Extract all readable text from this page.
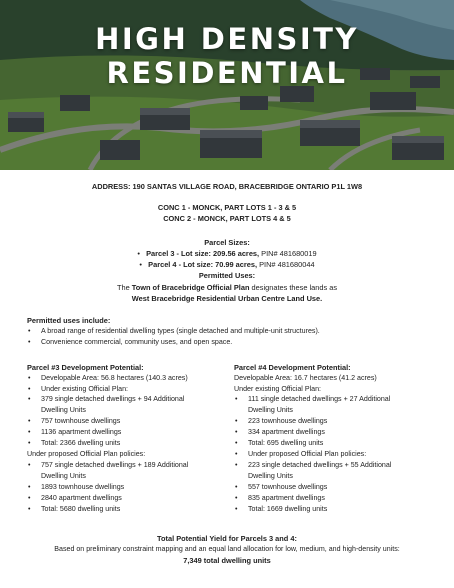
HIGH DENSITY
RESIDENTIAL
ADDRESS: 190 SANTAS VILLAGE ROAD, BRACEBRIDGE ONTARIO P1L 1W8
CONC 1 - MONCK, PART LOTS 1 - 3 & 5
CONC 2 - MONCK, PART LOTS 4 & 5
Parcel Sizes:
•   Parcel 3 - Lot size: 209.56 acres, PIN# 481680019
•   Parcel 4 - Lot size: 70.99 acres, PIN# 481680044
Permitted Uses:
The Town of Bracebridge Official Plan designates these lands as
West Bracebridge Residential Urban Centre Land Use.
Permitted uses include:
• A broad range of residential dwelling types (single detached and multiple-unit structures).
• Convenience commercial, community uses, and open space.
Parcel #3 Development Potential:
• Developable Area: 56.8 hectares (140.3 acres)
• Under existing Official Plan:
• 379 single detached dwellings + 94 Additional
Dwelling Units
• 757 townhouse dwellings
• 1136 apartment dwellings
• Total: 2366 dwelling units
Under proposed Official Plan policies:
• 757 single detached dwellings + 189 Additional
Dwelling Units
• 1893 townhouse dwellings
• 2840 apartment dwellings
• Total: 5680 dwelling units
Parcel #4 Development Potential:
Developable Area: 16.7 hectares (41.2 acres)
Under existing Official Plan:
• 111 single detached dwellings + 27 Additional
Dwelling Units
• 223 townhouse dwellings
• 334 apartment dwellings
• Total: 695 dwelling units
• Under proposed Official Plan policies:
• 223 single detached dwellings + 55 Additional
Dwelling Units
• 557 townhouse dwellings
• 835 apartment dwellings
• Total: 1669 dwelling units
Total Potential Yield for Parcels 3 and 4:
Based on preliminary constraint mapping and an equal land allocation for low, medium, and high-density units:
7,349 total dwelling units
